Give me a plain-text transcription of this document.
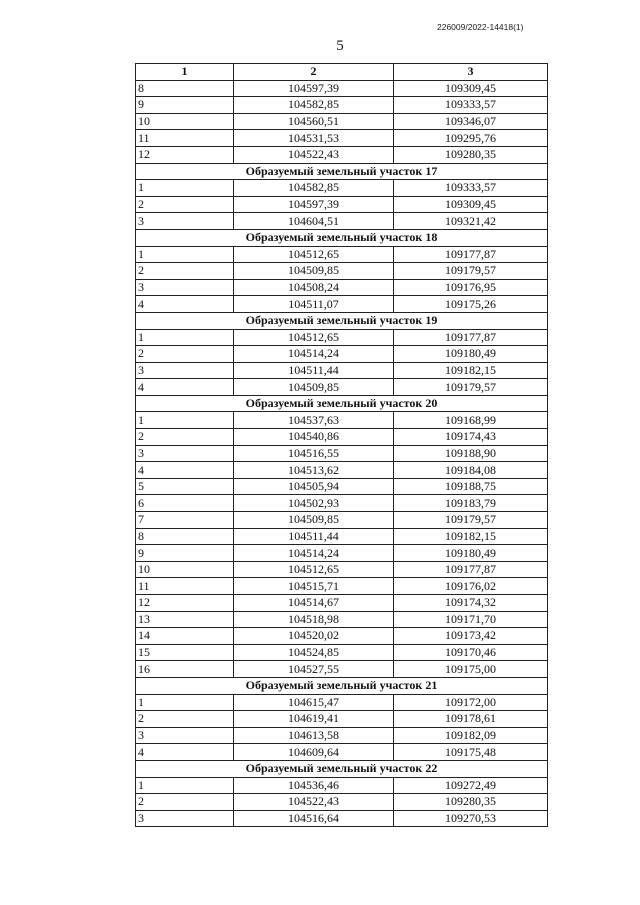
226009/2022-14418(1)
5
1	2	3
8	104597,39	109309,45
9	104582,85	109333,57
10	104560,51	109346,07
11	104531,53	109295,76
12	104522,43	109280,35
Образуемый земельный участок 17		
1	104582,85	109333,57
2	104597,39	109309,45
3	104604,51	109321,42
Образуемый земельный участок 18		
1	104512,65	109177,87
2	104509,85	109179,57
3	104508,24	109176,95
4	104511,07	109175,26
Образуемый земельный участок 19		
1	104512,65	109177,87
2	104514,24	109180,49
3	104511,44	109182,15
4	104509,85	109179,57
Образуемый земельный участок 20		
1	104537,63	109168,99
2	104540,86	109174,43
3	104516,55	109188,90
4	104513,62	109184,08
5	104505,94	109188,75
6	104502,93	109183,79
7	104509,85	109179,57
8	104511,44	109182,15
9	104514,24	109180,49
10	104512,65	109177,87
11	104515,71	109176,02
12	104514,67	109174,32
13	104518,98	109171,70
14	104520,02	109173,42
15	104524,85	109170,46
16	104527,55	109175,00
Образуемый земельный участок 21		
1	104615,47	109172,00
2	104619,41	109178,61
3	104613,58	109182,09
4	104609,64	109175,48
Образуемый земельный участок 22		
1	104536,46	109272,49
2	104522,43	109280,35
3	104516,64	109270,53
